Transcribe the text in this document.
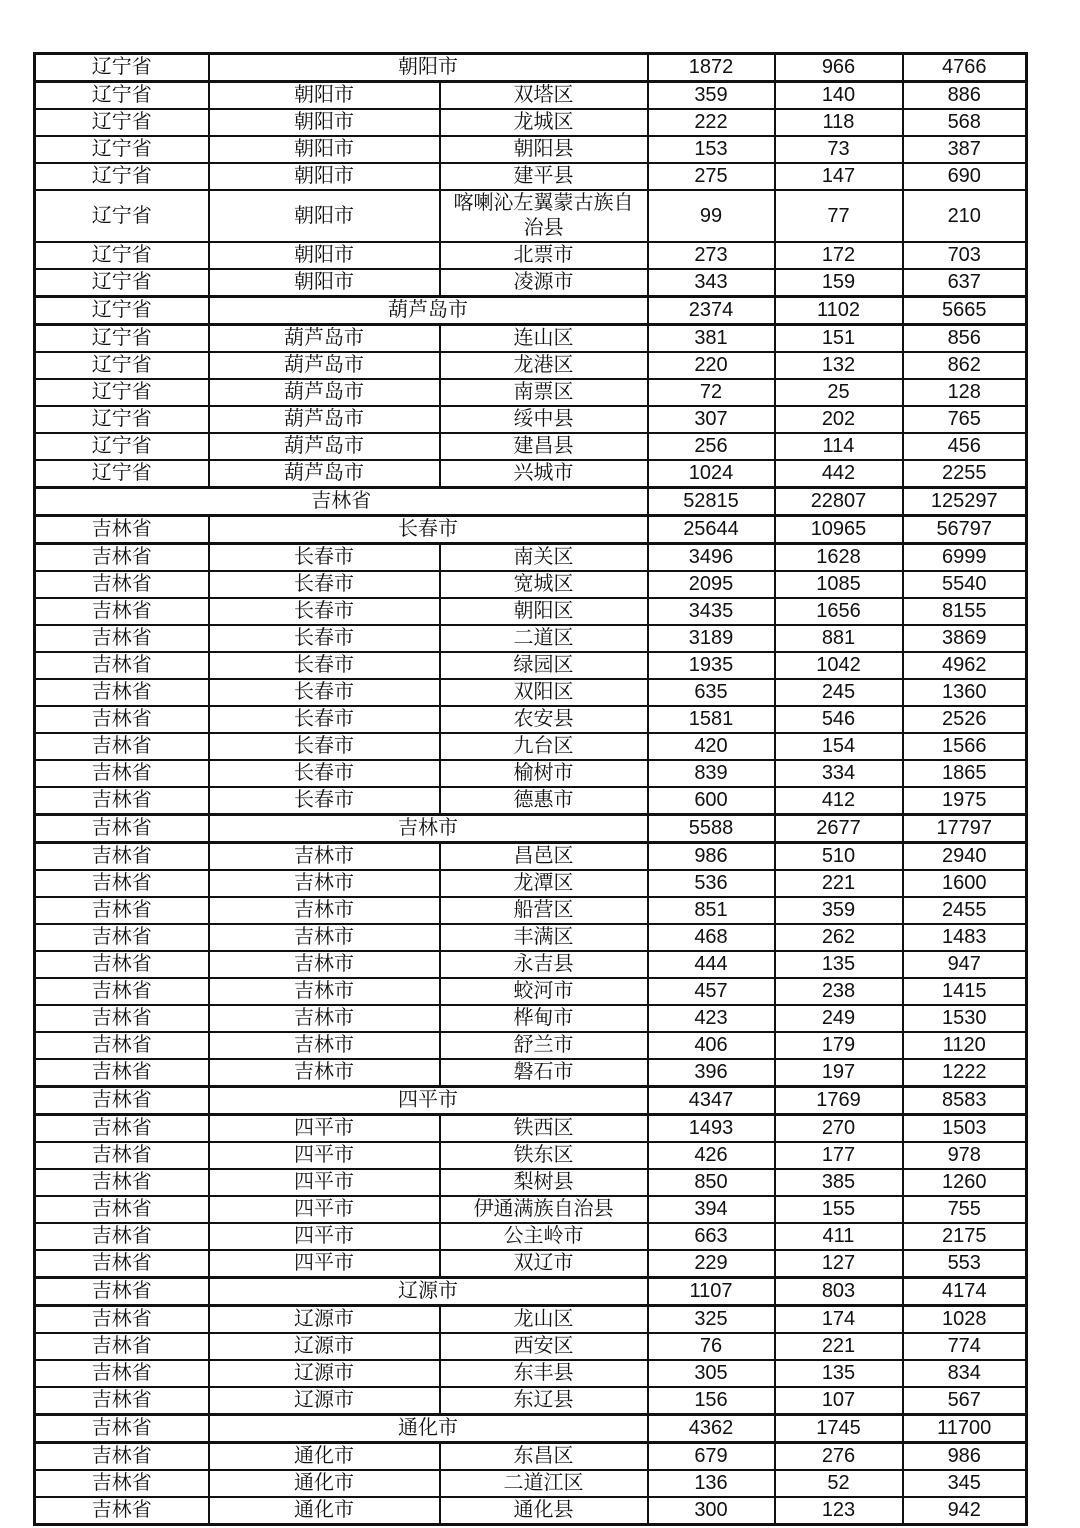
辽宁省	朝阳市		1872	966	4766
辽宁省	朝阳市	双塔区	359	140	886
辽宁省	朝阳市	龙城区	222	118	568
辽宁省	朝阳市	朝阳县	153	73	387
辽宁省	朝阳市	建平县	275	147	690
辽宁省	朝阳市	喀喇沁左翼蒙古族自治县	99	77	210
辽宁省	朝阳市	北票市	273	172	703
辽宁省	朝阳市	凌源市	343	159	637
辽宁省	葫芦岛市		2374	1102	5665
辽宁省	葫芦岛市	连山区	381	151	856
辽宁省	葫芦岛市	龙港区	220	132	862
辽宁省	葫芦岛市	南票区	72	25	128
辽宁省	葫芦岛市	绥中县	307	202	765
辽宁省	葫芦岛市	建昌县	256	114	456
辽宁省	葫芦岛市	兴城市	1024	442	2255
吉林省			52815	22807	125297
吉林省	长春市		25644	10965	56797
吉林省	长春市	南关区	3496	1628	6999
吉林省	长春市	宽城区	2095	1085	5540
吉林省	长春市	朝阳区	3435	1656	8155
吉林省	长春市	二道区	3189	881	3869
吉林省	长春市	绿园区	1935	1042	4962
吉林省	长春市	双阳区	635	245	1360
吉林省	长春市	农安县	1581	546	2526
吉林省	长春市	九台区	420	154	1566
吉林省	长春市	榆树市	839	334	1865
吉林省	长春市	德惠市	600	412	1975
吉林省	吉林市		5588	2677	17797
吉林省	吉林市	昌邑区	986	510	2940
吉林省	吉林市	龙潭区	536	221	1600
吉林省	吉林市	船营区	851	359	2455
吉林省	吉林市	丰满区	468	262	1483
吉林省	吉林市	永吉县	444	135	947
吉林省	吉林市	蛟河市	457	238	1415
吉林省	吉林市	桦甸市	423	249	1530
吉林省	吉林市	舒兰市	406	179	1120
吉林省	吉林市	磐石市	396	197	1222
吉林省	四平市		4347	1769	8583
吉林省	四平市	铁西区	1493	270	1503
吉林省	四平市	铁东区	426	177	978
吉林省	四平市	梨树县	850	385	1260
吉林省	四平市	伊通满族自治县	394	155	755
吉林省	四平市	公主岭市	663	411	2175
吉林省	四平市	双辽市	229	127	553
吉林省	辽源市		1107	803	4174
吉林省	辽源市	龙山区	325	174	1028
吉林省	辽源市	西安区	76	221	774
吉林省	辽源市	东丰县	305	135	834
吉林省	辽源市	东辽县	156	107	567
吉林省	通化市		4362	1745	11700
吉林省	通化市	东昌区	679	276	986
吉林省	通化市	二道江区	136	52	345
吉林省	通化市	通化县	300	123	942
